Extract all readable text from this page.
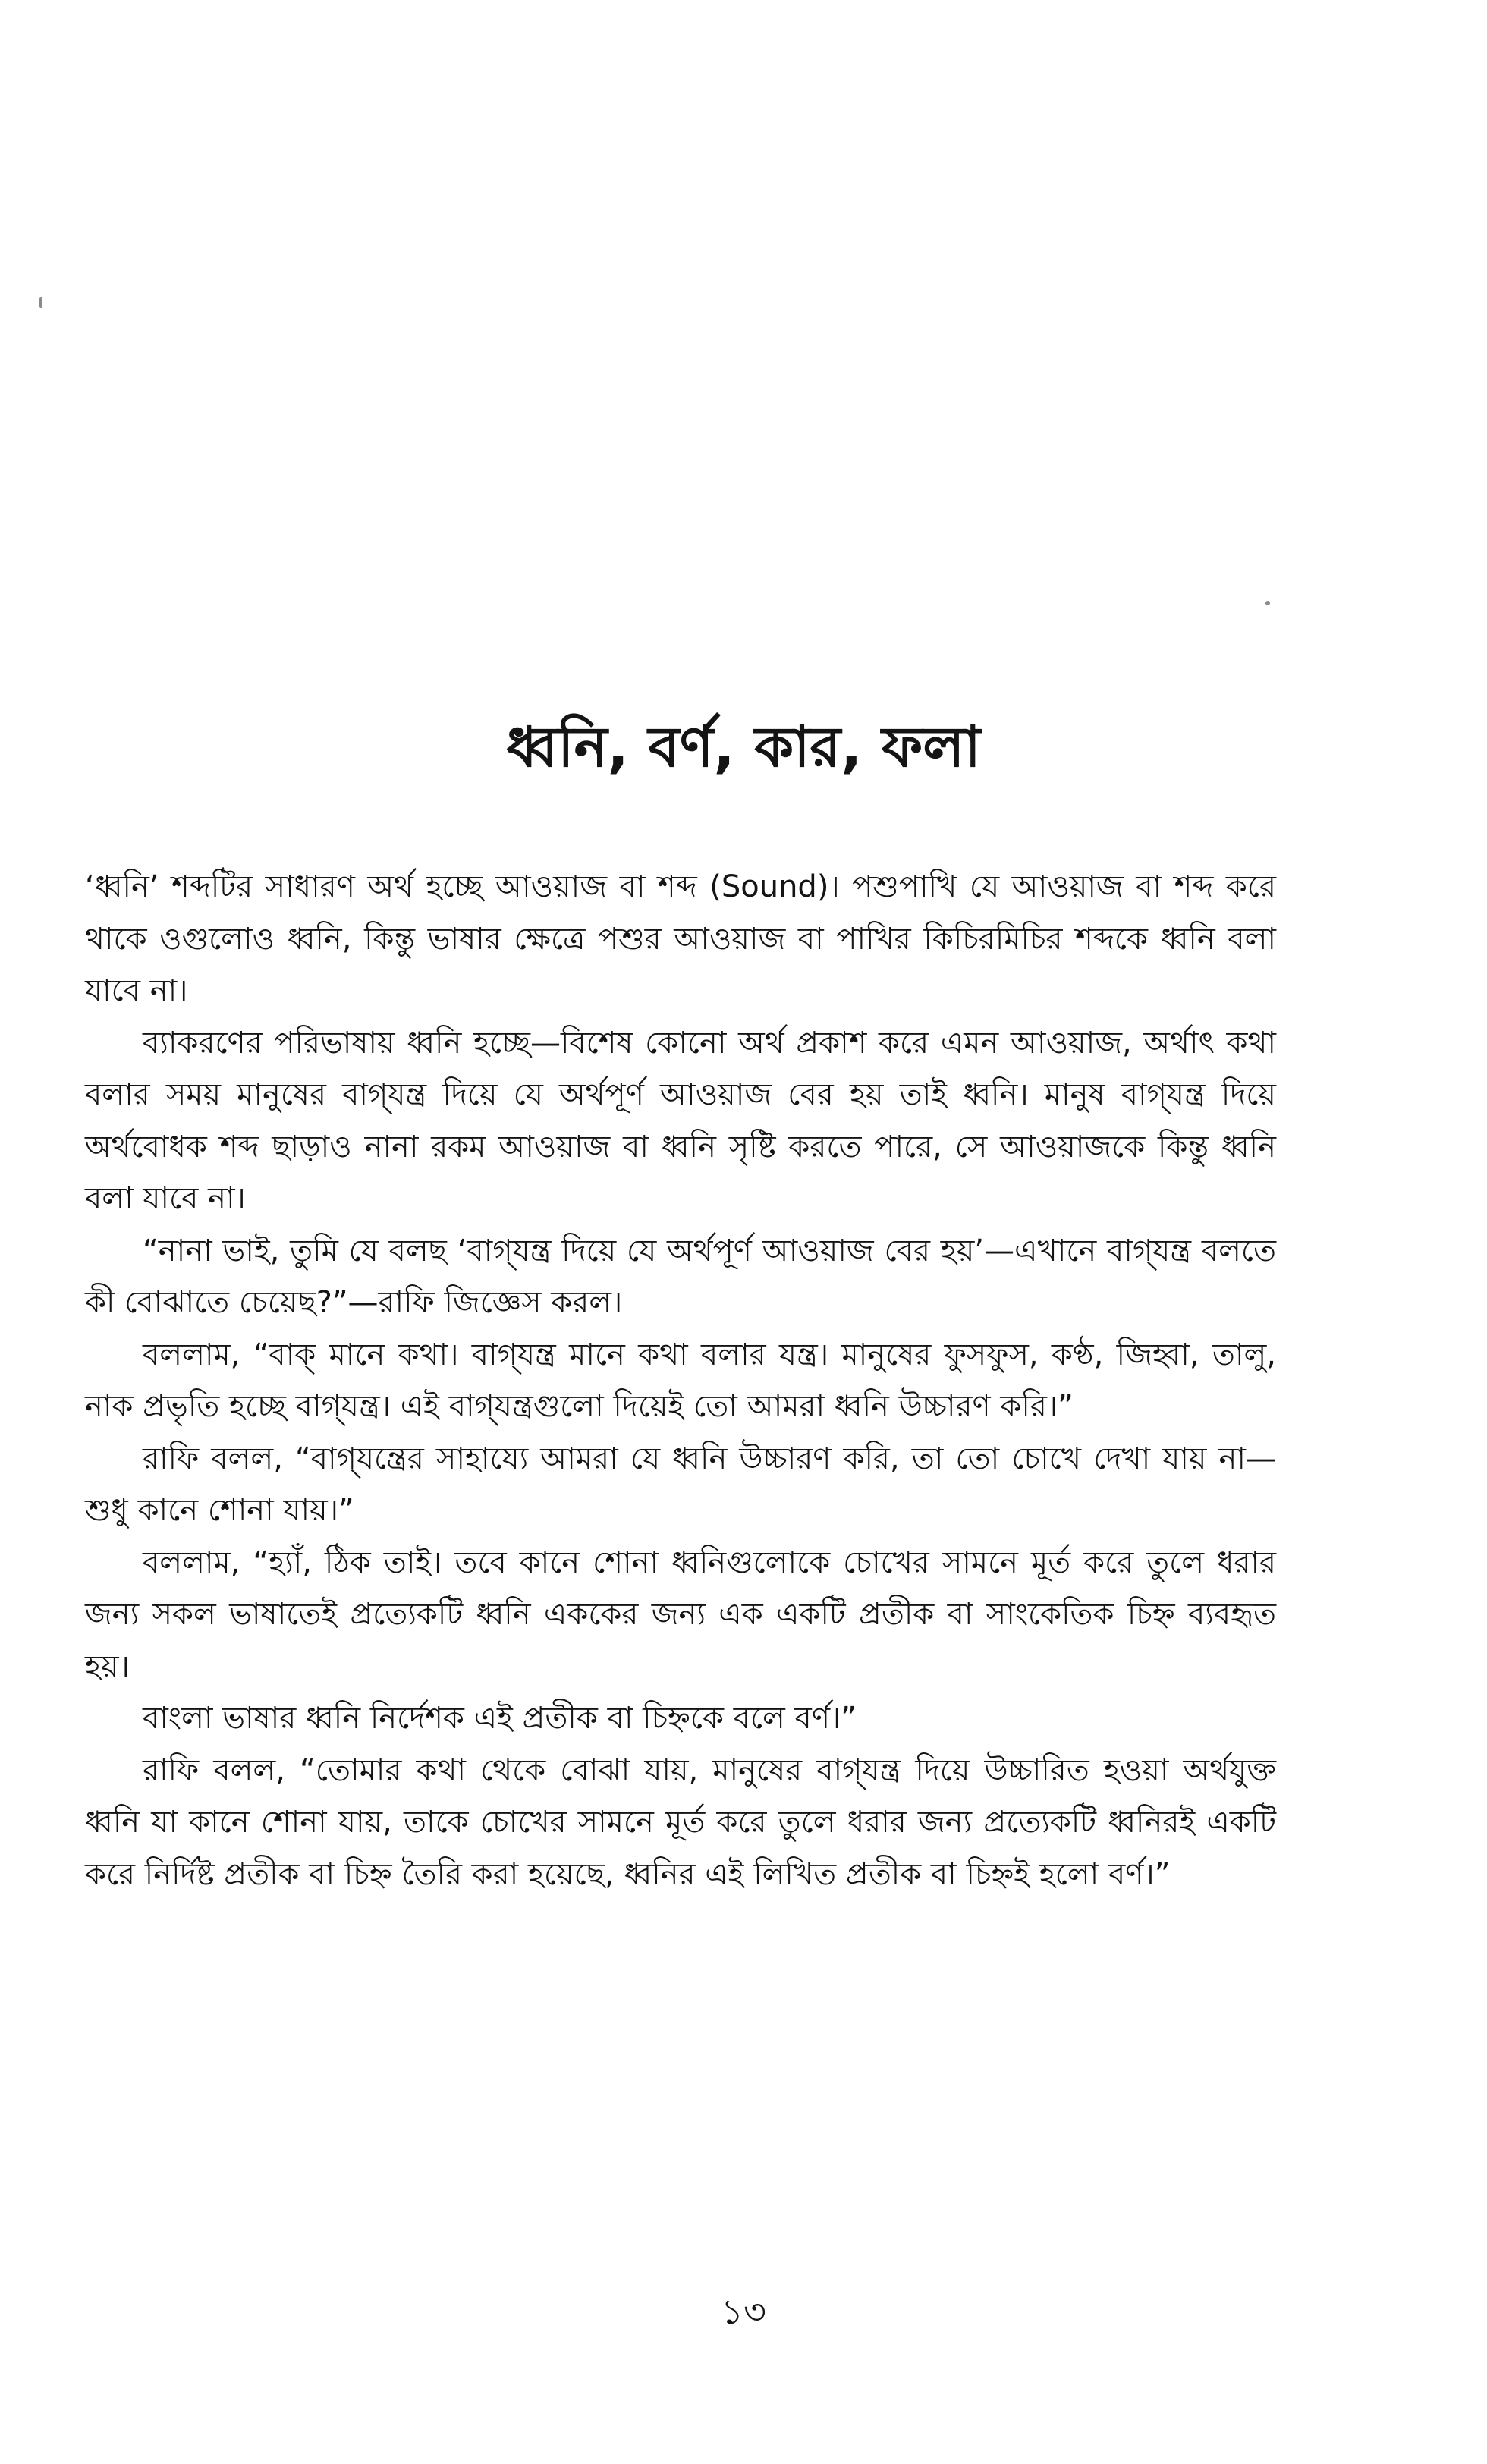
ধ্বনি, বর্ণ, কার, ফলা

‘ধ্বনি’ শব্দটির সাধারণ অর্থ হচ্ছে আওয়াজ বা শব্দ (Sound)। পশুপাখি যে আওয়াজ বা শব্দ করে থাকে ওগুলোও ধ্বনি, কিন্তু ভাষার ক্ষেত্রে পশুর আওয়াজ বা পাখির কিচিরমিচির শব্দকে ধ্বনি বলা যাবে না।

ব্যাকরণের পরিভাষায় ধ্বনি হচ্ছে—বিশেষ কোনো অর্থ প্রকাশ করে এমন আওয়াজ, অর্থাৎ কথা বলার সময় মানুষের বাগ্‌যন্ত্র দিয়ে যে অর্থপূর্ণ আওয়াজ বের হয় তাই ধ্বনি। মানুষ বাগ্‌যন্ত্র দিয়ে অর্থবোধক শব্দ ছাড়াও নানা রকম আওয়াজ বা ধ্বনি সৃষ্টি করতে পারে, সে আওয়াজকে কিন্তু ধ্বনি বলা যাবে না।

“নানা ভাই, তুমি যে বলছ ‘বাগ্‌যন্ত্র দিয়ে যে অর্থপূর্ণ আওয়াজ বের হয়’—এখানে বাগ্‌যন্ত্র বলতে কী বোঝাতে চেয়েছ?”—রাফি জিজ্ঞেস করল।

বললাম, “বাক্ মানে কথা। বাগ্‌যন্ত্র মানে কথা বলার যন্ত্র। মানুষের ফুসফুস, কণ্ঠ, জিহ্বা, তালু, নাক প্রভৃতি হচ্ছে বাগ্‌যন্ত্র। এই বাগ্‌যন্ত্রগুলো দিয়েই তো আমরা ধ্বনি উচ্চারণ করি।”

রাফি বলল, “বাগ্‌যন্ত্রের সাহায্যে আমরা যে ধ্বনি উচ্চারণ করি, তা তো চোখে দেখা যায় না—শুধু কানে শোনা যায়।”

বললাম, “হ্যাঁ, ঠিক তাই। তবে কানে শোনা ধ্বনিগুলোকে চোখের সামনে মূর্ত করে তুলে ধরার জন্য সকল ভাষাতেই প্রত্যেকটি ধ্বনি এককের জন্য এক একটি প্রতীক বা সাংকেতিক চিহ্ন ব্যবহৃত হয়।

বাংলা ভাষার ধ্বনি নির্দেশক এই প্রতীক বা চিহ্নকে বলে বর্ণ।”

রাফি বলল, “তোমার কথা থেকে বোঝা যায়, মানুষের বাগ্‌যন্ত্র দিয়ে উচ্চারিত হওয়া অর্থযুক্ত ধ্বনি যা কানে শোনা যায়, তাকে চোখের সামনে মূর্ত করে তুলে ধরার জন্য প্রত্যেকটি ধ্বনিরই একটি করে নির্দিষ্ট প্রতীক বা চিহ্ন তৈরি করা হয়েছে, ধ্বনির এই লিখিত প্রতীক বা চিহ্নই হলো বর্ণ।”

১৩
